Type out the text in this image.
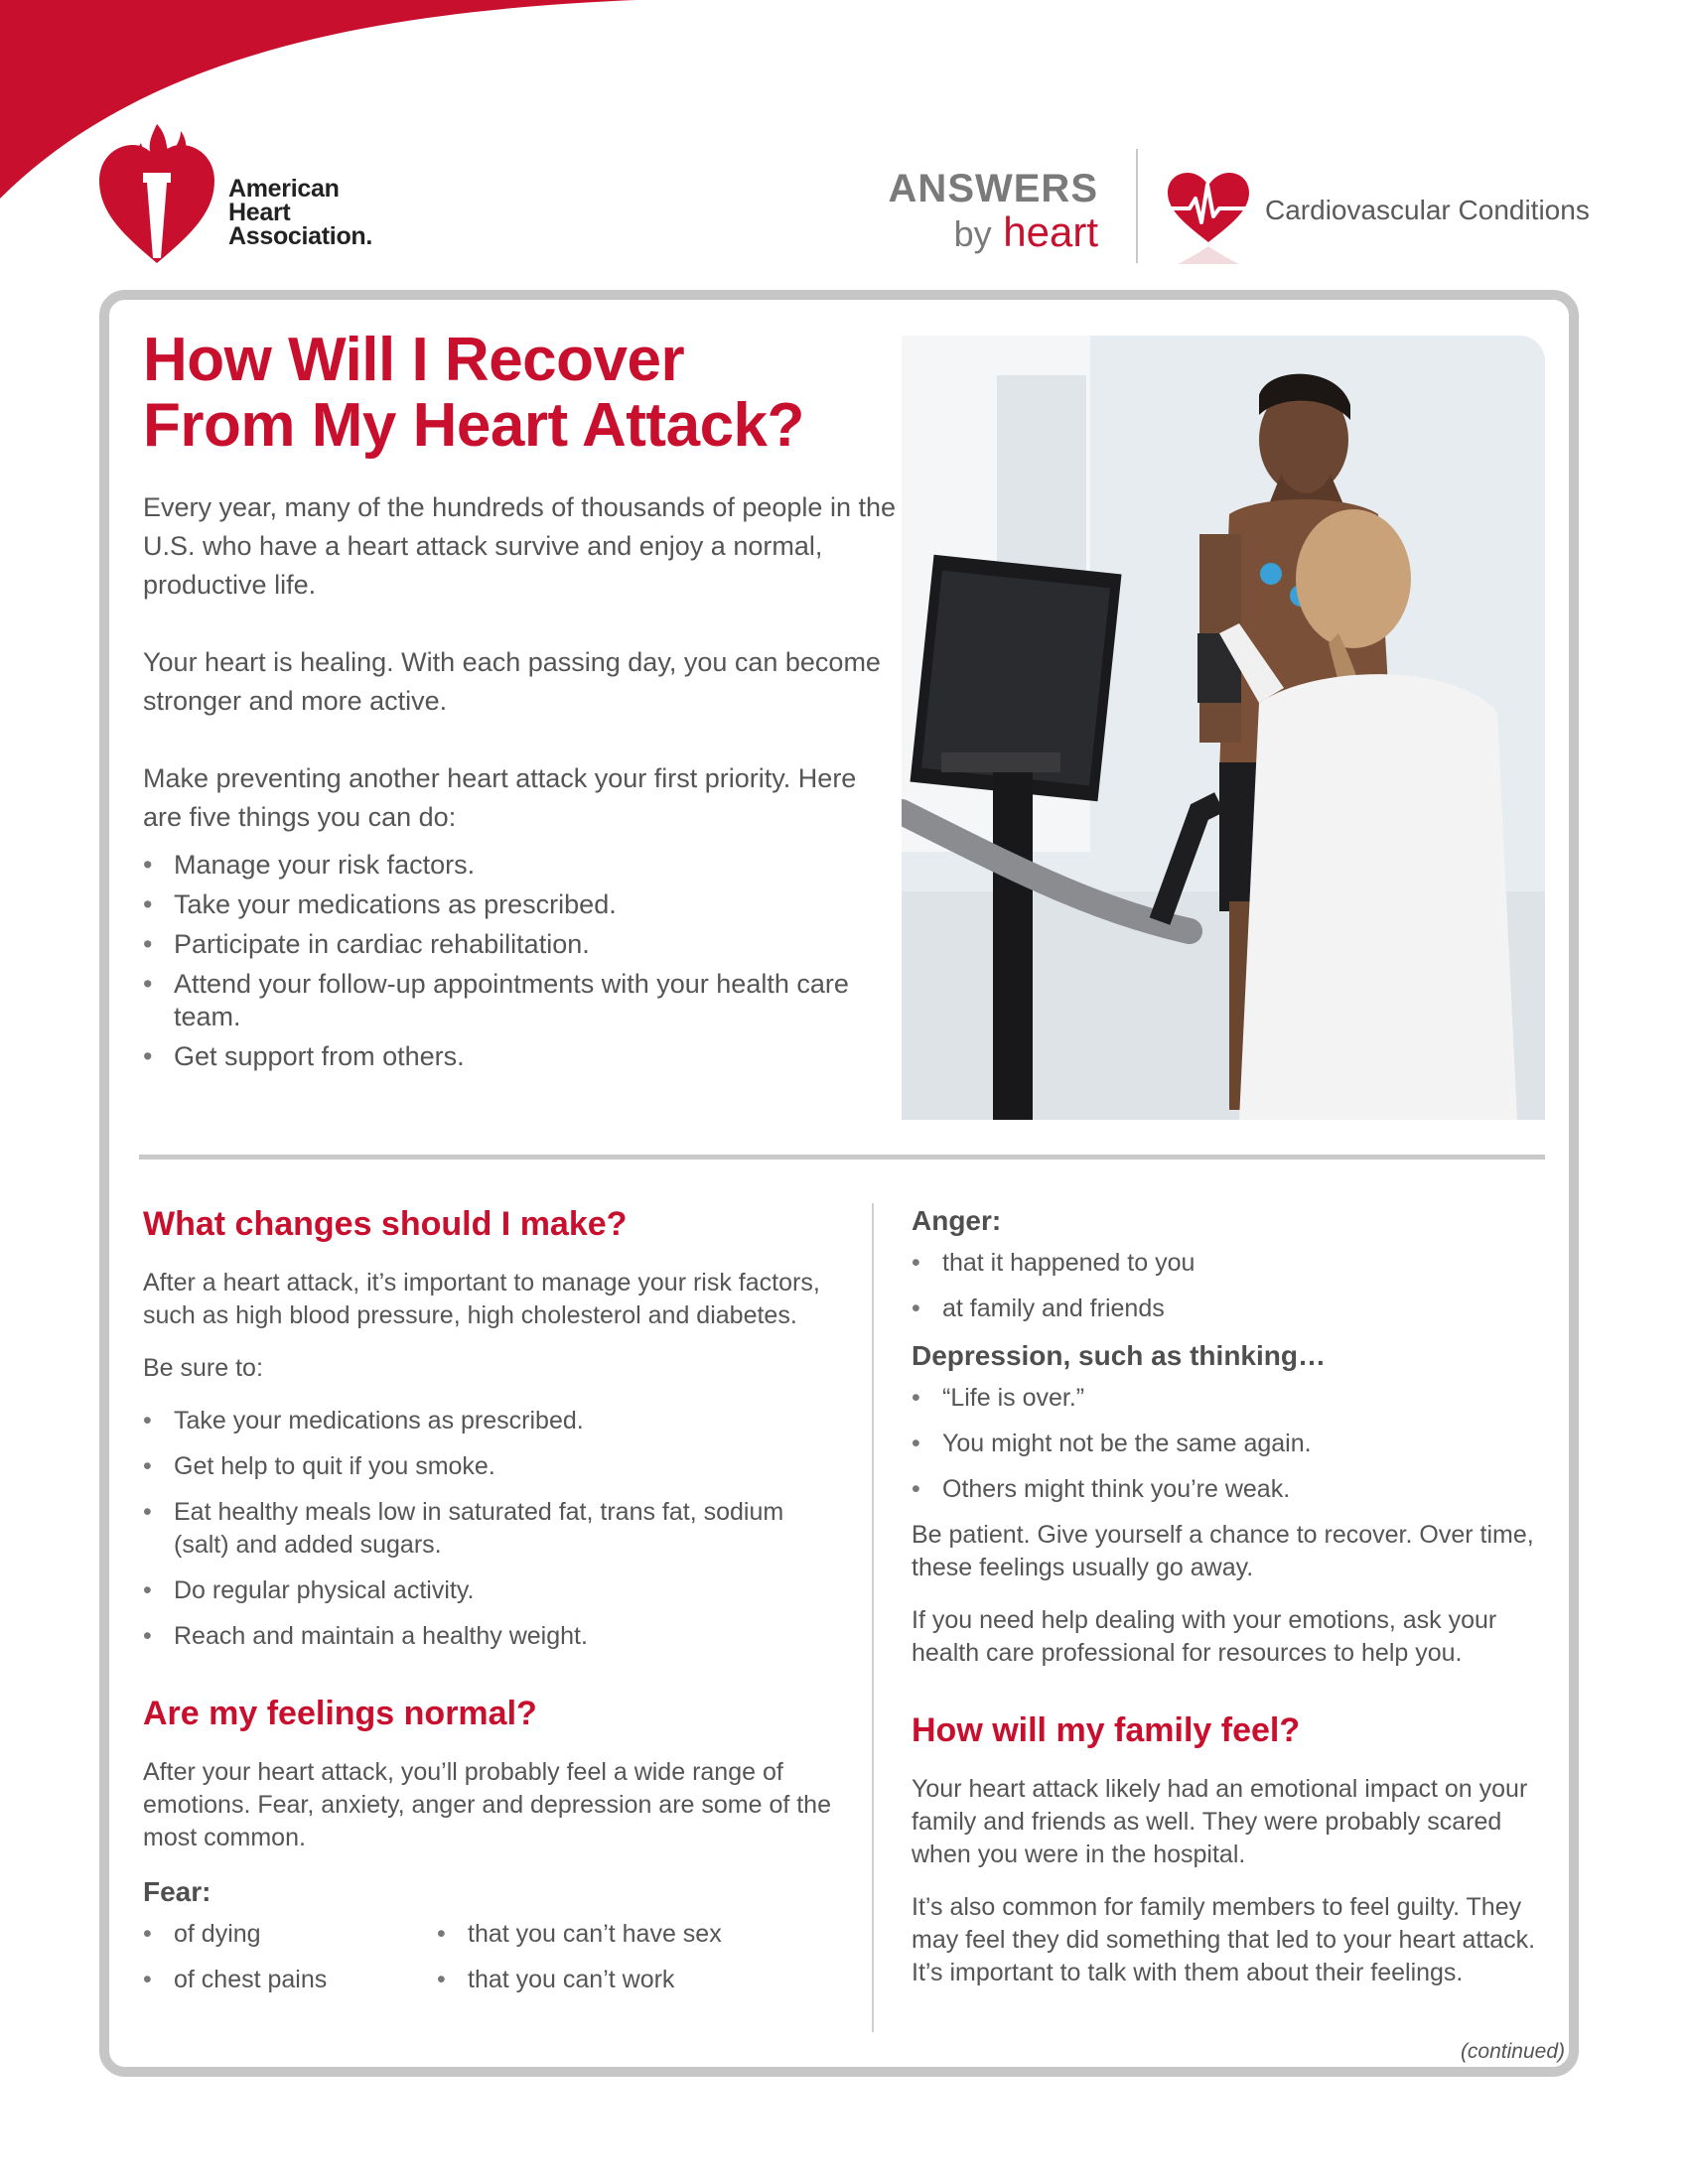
American
Heart
Association.
ANSWERS
by heart	Cardiovascular Conditions
How Will I Recover
From My Heart Attack?

Every year, many of the hundreds of thousands of people in the U.S. who have a heart attack survive and enjoy a normal, productive life.

Your heart is healing. With each passing day, you can become stronger and more active.

Make preventing another heart attack your first priority. Here are five things you can do:

• Manage your risk factors.
• Take your medications as prescribed.
• Participate in cardiac rehabilitation.
• Attend your follow-up appointments with your health care team.
• Get support from others.
What changes should I make?

After a heart attack, it’s important to manage your risk factors, such as high blood pressure, high cholesterol and diabetes.

Be sure to:

• Take your medications as prescribed.
• Get help to quit if you smoke.
• Eat healthy meals low in saturated fat, trans fat, sodium (salt) and added sugars.
• Do regular physical activity.
• Reach and maintain a healthy weight.
Are my feelings normal?

After your heart attack, you’ll probably feel a wide range of emotions. Fear, anxiety, anger and depression are some of the most common.

Fear:
• of dying
• of chest pains
• that you can’t have sex
• that you can’t work
Anger:
• that it happened to you
• at family and friends
Depression, such as thinking…
• “Life is over.”
• You might not be the same again.
• Others might think you’re weak.

Be patient. Give yourself a chance to recover. Over time, these feelings usually go away.

If you need help dealing with your emotions, ask your health care professional for resources to help you.

How will my family feel?

Your heart attack likely had an emotional impact on your family and friends as well. They were probably scared when you were in the hospital.

It’s also common for family members to feel guilty. They may feel they did something that led to your heart attack. It’s important to talk with them about their feelings.

(continued)
